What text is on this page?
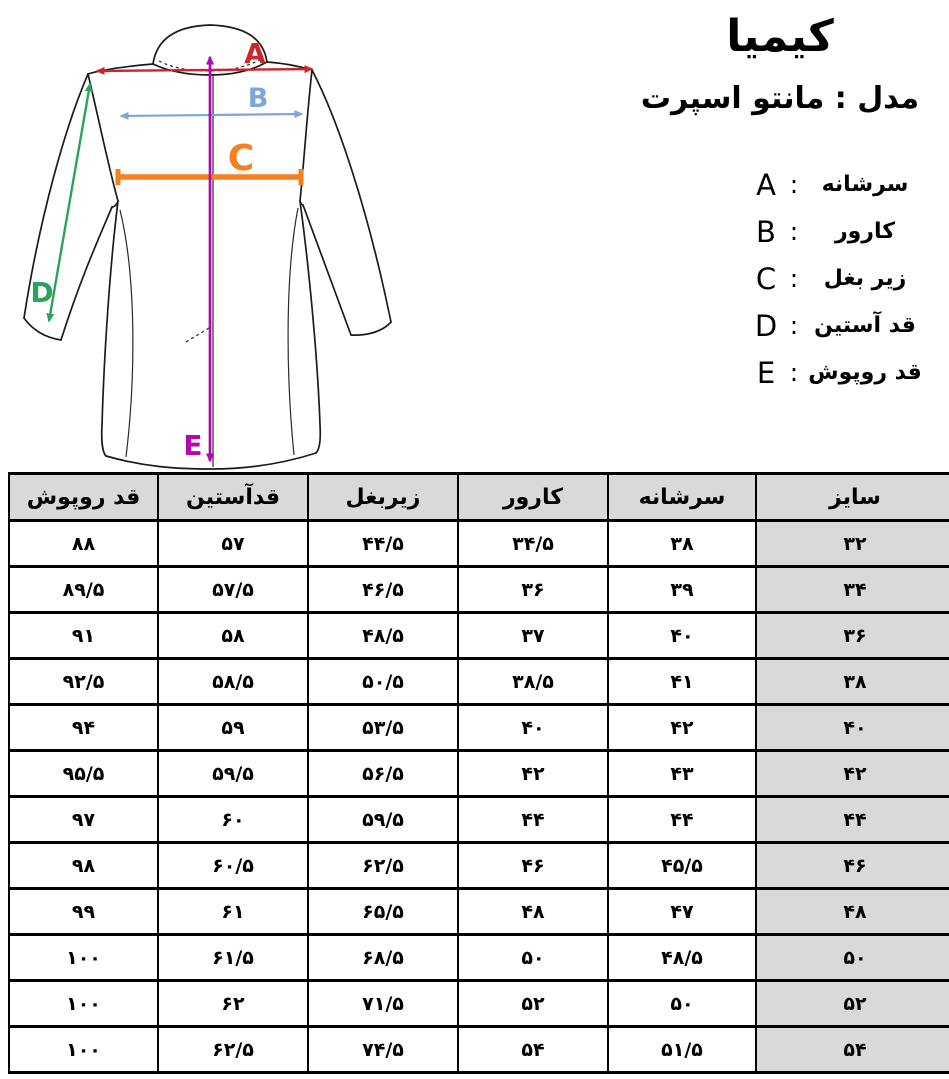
A
B
C
D
E
کیمیا
مدل : مانتو اسپرت
A :	سرشانه
B :	کارور
C :	زیر بغل
D : قد آستین
E : قد روپوش
سایز	سرشانه	کارور	زیربغل	قدآستین	قد روپوش
۳۲	۳۸	۳۴/۵	۴۴/۵	۵۷	۸۸
۳۴	۳۹	۳۶	۴۶/۵	۵۷/۵	۸۹/۵
۳۶	۴۰	۳۷	۴۸/۵	۵۸	۹۱
۳۸	۴۱	۳۸/۵	۵۰/۵	۵۸/۵	۹۲/۵
۴۰	۴۲	۴۰	۵۳/۵	۵۹	۹۴
۴۲	۴۳	۴۲	۵۶/۵	۵۹/۵	۹۵/۵
۴۴	۴۴	۴۴	۵۹/۵	۶۰	۹۷
۴۶	۴۵/۵	۴۶	۶۲/۵	۶۰/۵	۹۸
۴۸	۴۷	۴۸	۶۵/۵	۶۱	۹۹
۵۰	۴۸/۵	۵۰	۶۸/۵	۶۱/۵	۱۰۰
۵۲	۵۰	۵۲	۷۱/۵	۶۲	۱۰۰
۵۴	۵۱/۵	۵۴	۷۴/۵	۶۲/۵	۱۰۰
